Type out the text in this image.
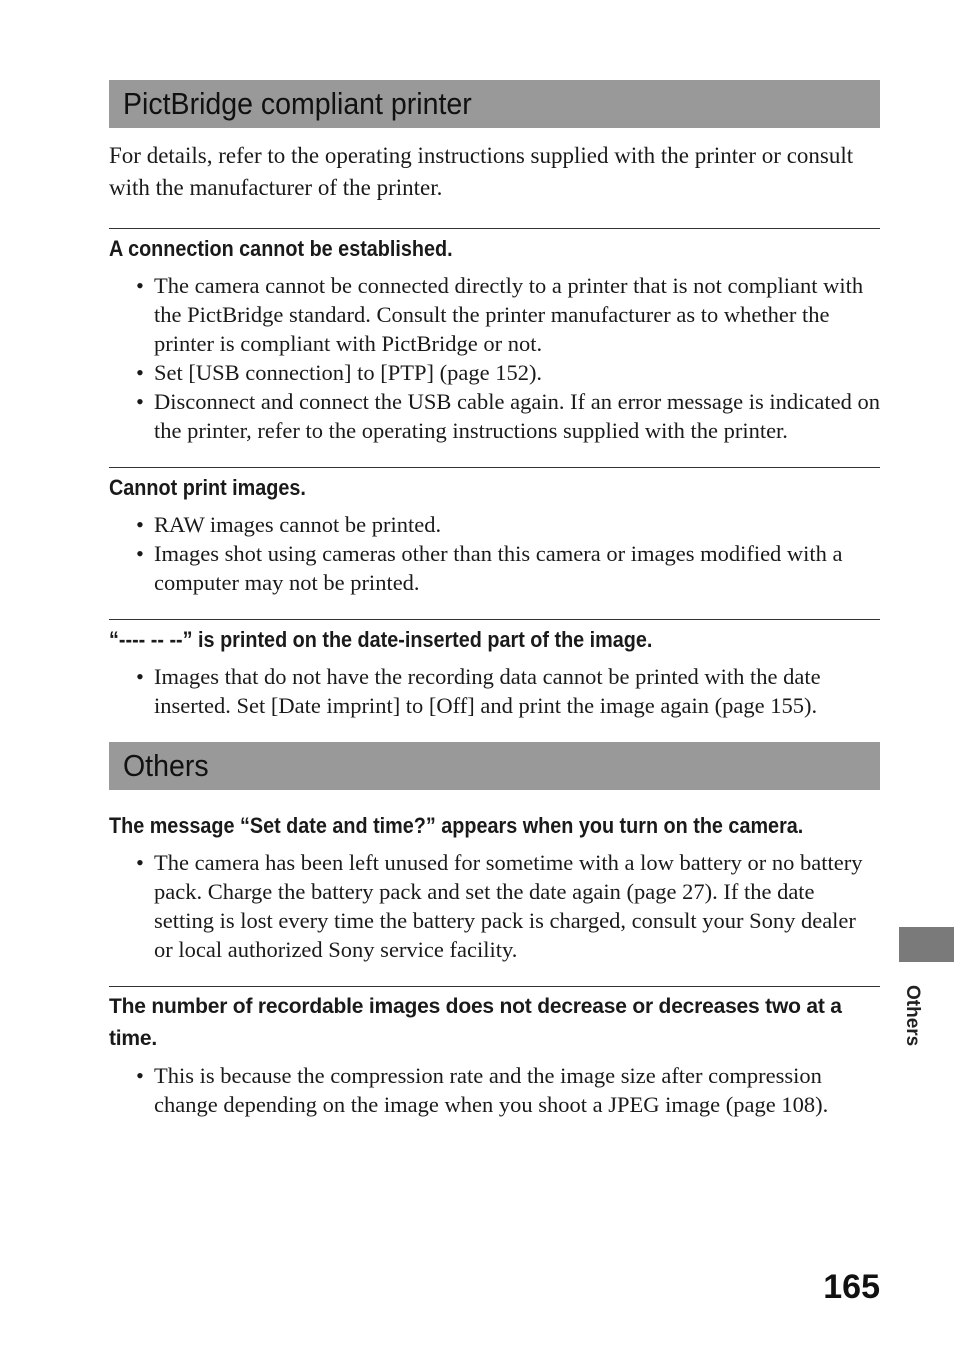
PictBridge compliant printer

For details, refer to the operating instructions supplied with the printer or consult with the manufacturer of the printer.

A connection cannot be established.
• The camera cannot be connected directly to a printer that is not compliant with the PictBridge standard. Consult the printer manufacturer as to whether the printer is compliant with PictBridge or not.
• Set [USB connection] to [PTP] (page 152).
• Disconnect and connect the USB cable again. If an error message is indicated on the printer, refer to the operating instructions supplied with the printer.
Cannot print images.
• RAW images cannot be printed.
• Images shot using cameras other than this camera or images modified with a computer may not be printed.
“---- -- --” is printed on the date-inserted part of the image.
• Images that do not have the recording data cannot be printed with the date inserted. Set [Date imprint] to [Off] and print the image again (page 155).
Others
The message “Set date and time?” appears when you turn on the camera.
• The camera has been left unused for sometime with a low battery or no battery pack. Charge the battery pack and set the date again (page 27). If the date setting is lost every time the battery pack is charged, consult your Sony dealer or local authorized Sony service facility.
The number of recordable images does not decrease or decreases two at a time.
• This is because the compression rate and the image size after compression change depending on the image when you shoot a JPEG image (page 108).
Others
165
